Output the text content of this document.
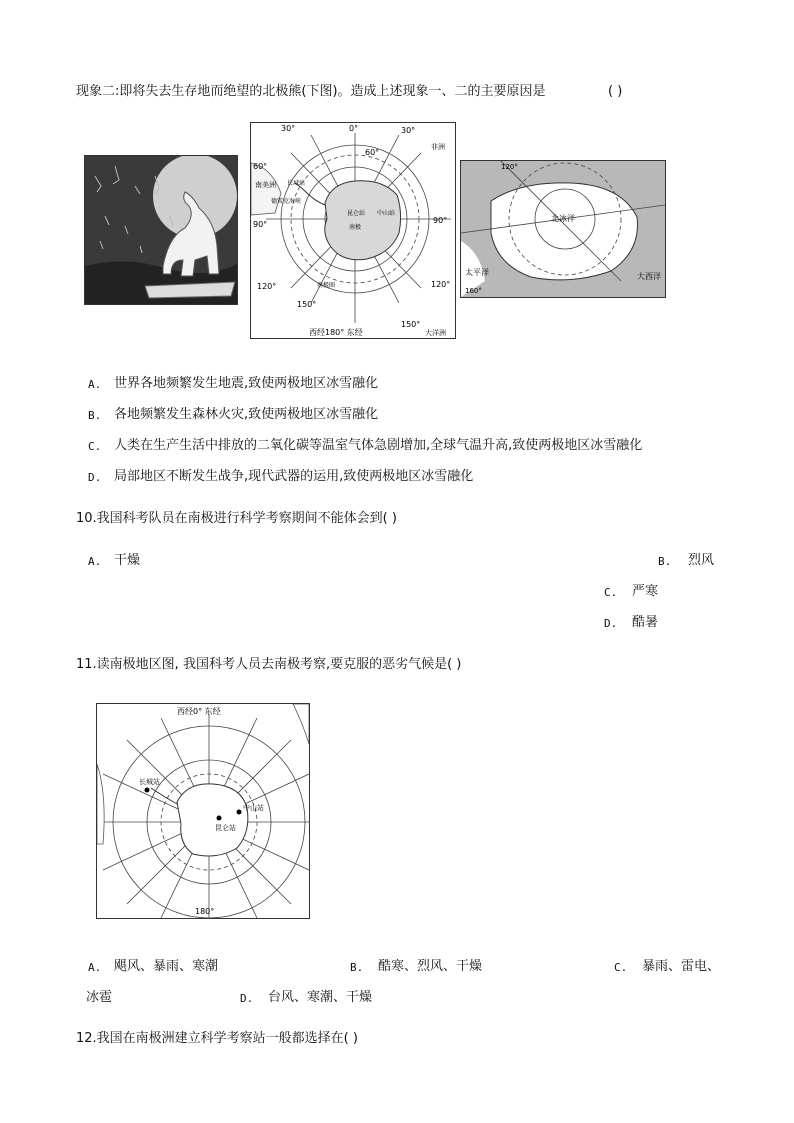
现象二:即将失去生存地而绝望的北极熊(下图)。造成上述现象一、二的主要原因是	( )
30°	0°	30°
60°
60°
90°	90°
120°	120°
150°
150°
非洲
南美洲 长城站
德雷克海峡
昆仑站 中山站
南极
南极圈
大洋洲
西经180° 东经
北冰洋
太平洋	大西洋
120°
160°
A. 世界各地频繁发生地震,致使两极地区冰雪融化
B. 各地频繁发生森林火灾,致使两极地区冰雪融化
C. 人类在生产生活中排放的二氧化碳等温室气体急剧增加,全球气温升高,致使两极地区冰雪融化
D. 局部地区不断发生战争,现代武器的运用,致使两极地区冰雪融化
10.我国科考队员在南极进行科学考察期间不能体会到( )
A. 干燥	B. 烈风
C. 严寒
D. 酷暑
11.读南极地区图, 我国科考人员去南极考察,要克服的恶劣气候是( )
西经0° 东经
180°
长城站
中山站
昆仑站
A. 飓风、暴雨、寒潮	B. 酷寒、烈风、干燥	C. 暴雨、雷电、
冰雹	D. 台风、寒潮、干燥
12.我国在南极洲建立科学考察站一般都选择在( )
